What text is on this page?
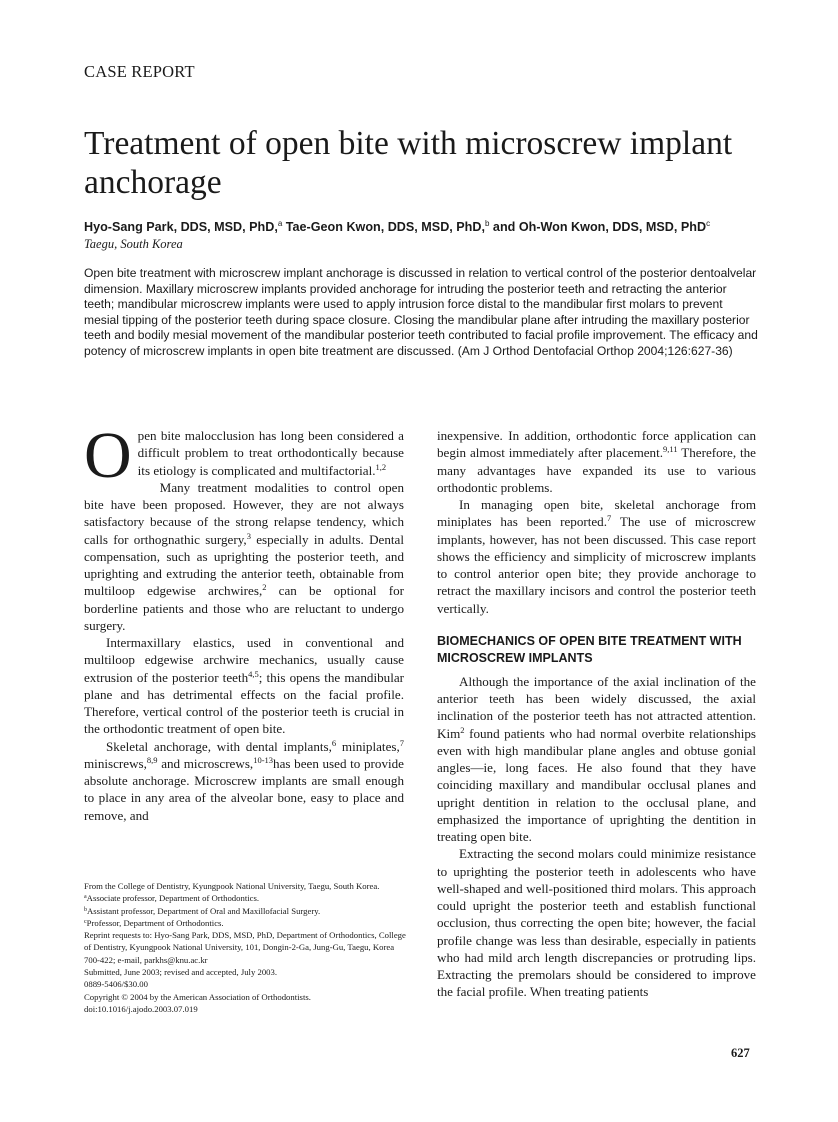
CASE REPORT
Treatment of open bite with microscrew implant anchorage
Hyo-Sang Park, DDS, MSD, PhD,$^a$ Tae-Geon Kwon, DDS, MSD, PhD,$^b$ and Oh-Won Kwon, DDS, MSD, PhD$^c$
Taegu, South Korea
Open bite treatment with microscrew implant anchorage is discussed in relation to vertical control of the posterior dentoalvelar dimension. Maxillary microscrew implants provided anchorage for intruding the posterior teeth and retracting the anterior teeth; mandibular microscrew implants were used to apply intrusion force distal to the mandibular first molars to prevent mesial tipping of the posterior teeth during space closure. Closing the mandibular plane after intruding the maxillary posterior teeth and bodily mesial movement of the mandibular posterior teeth contributed to facial profile improvement. The efficacy and potency of microscrew implants in open bite treatment are discussed. (Am J Orthod Dentofacial Orthop 2004;126:627-36)

Open bite malocclusion has long been considered a difficult problem to treat orthodontically because its etiology is complicated and multifactorial.$^{1,2}$

Many treatment modalities to control open bite have been proposed. However, they are not always satisfactory because of the strong relapse tendency, which calls for orthognathic surgery,$^3$ especially in adults. Dental compensation, such as uprighting the posterior teeth, and uprighting and extruding the anterior teeth, obtainable from multiloop edgewise archwires,$^2$ can be optional for borderline patients and those who are reluctant to undergo surgery.

Intermaxillary elastics, used in conventional and multiloop edgewise archwire mechanics, usually cause extrusion of the posterior teeth$^{4,5}$; this opens the mandibular plane and has detrimental effects on the facial profile. Therefore, vertical control of the posterior teeth is crucial in the orthodontic treatment of open bite.

Skeletal anchorage, with dental implants,$^6$ miniplates,$^7$ miniscrews,$^{8,9}$ and microscrews,$^{10-13}$has been used to provide absolute anchorage. Microscrew implants are small enough to place in any area of the alveolar bone, easy to place and remove, and

inexpensive. In addition, orthodontic force application can begin almost immediately after placement.$^{9,11}$ Therefore, the many advantages have expanded its use to various orthodontic problems.

In managing open bite, skeletal anchorage from miniplates has been reported.$^7$ The use of microscrew implants, however, has not been discussed. This case report shows the efficiency and simplicity of microscrew implants to control anterior open bite; they provide anchorage to retract the maxillary incisors and control the posterior teeth vertically.

BIOMECHANICS OF OPEN BITE TREATMENT WITH MICROSCREW IMPLANTS

Although the importance of the axial inclination of the anterior teeth has been widely discussed, the axial inclination of the posterior teeth has not attracted attention. Kim$^2$ found patients who had normal overbite relationships even with high mandibular plane angles and obtuse gonial angles—ie, long faces. He also found that they have coinciding maxillary and mandibular occlusal planes and upright dentition in relation to the occlusal plane, and emphasized the importance of uprighting the dentition in treating open bite.

Extracting the second molars could minimize resistance to uprighting the posterior teeth in adolescents who have well-shaped and well-positioned third molars. This approach could upright the posterior teeth and establish functional occlusion, thus correcting the open bite; however, the facial profile change was less than desirable, especially in patients who had mild arch length discrepancies or protruding lips. Extracting the premolars should be considered to improve the facial profile. When treating patients

From the College of Dentistry, Kyungpook National University, Taegu, South Korea.
$^a$Associate professor, Department of Orthodontics.
$^b$Assistant professor, Department of Oral and Maxillofacial Surgery.
$^c$Professor, Department of Orthodontics.
Reprint requests to: Hyo-Sang Park, DDS, MSD, PhD, Department of Orthodontics, College of Dentistry, Kyungpook National University, 101, Dongin-2-Ga, Jung-Gu, Taegu, Korea 700-422; e-mail, parkhs@knu.ac.kr
Submitted, June 2003; revised and accepted, July 2003.
0889-5406/$30.00
Copyright © 2004 by the American Association of Orthodontists.
doi:10.1016/j.ajodo.2003.07.019
627
